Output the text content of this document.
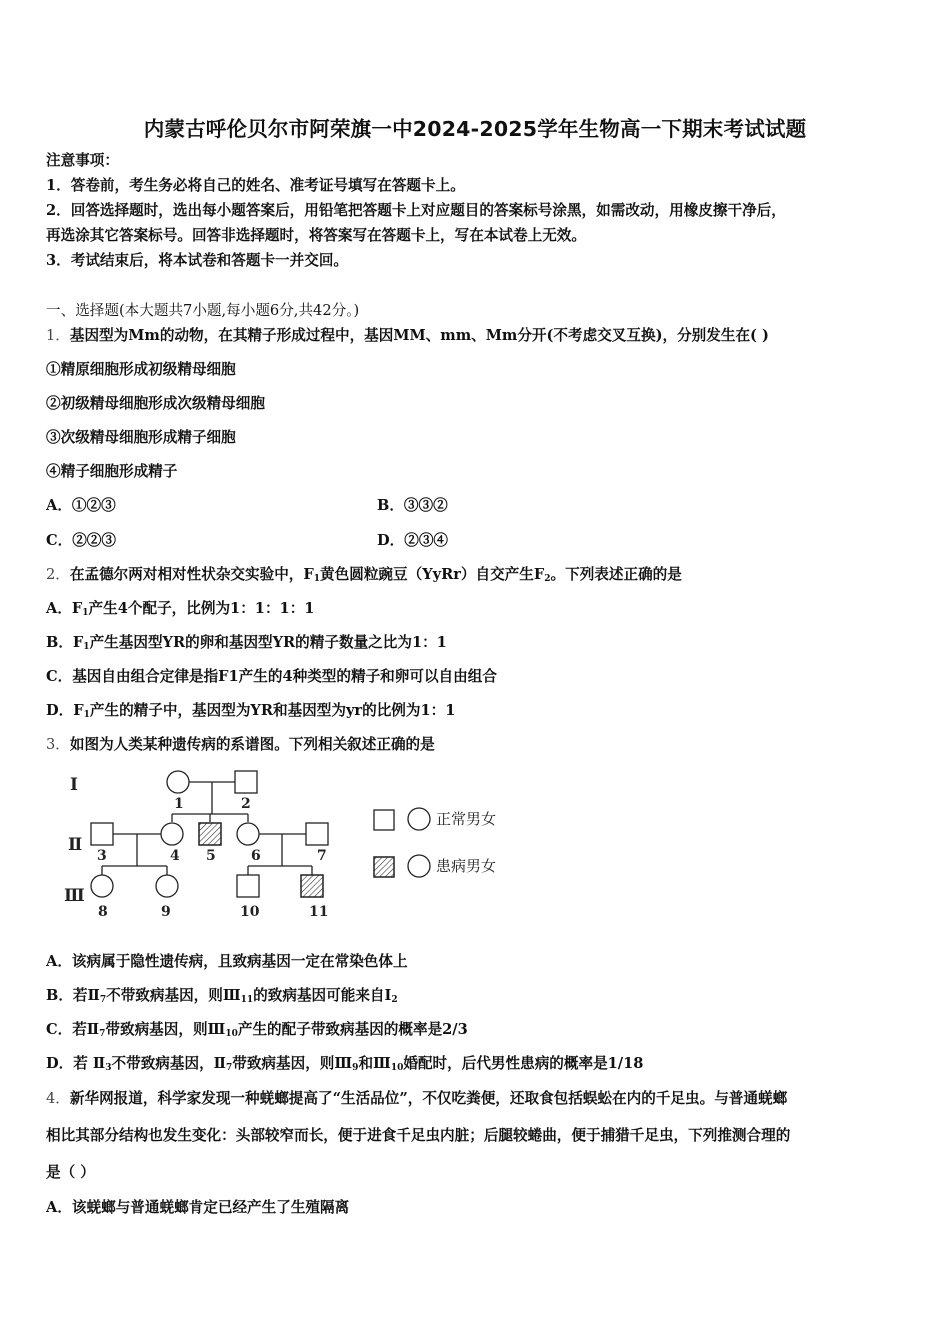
内蒙古呼伦贝尔市阿荣旗一中2024-2025学年生物高一下期末考试试题
注意事项：
1．答卷前，考生务必将自己的姓名、准考证号填写在答题卡上。
2．回答选择题时，选出每小题答案后，用铅笔把答题卡上对应题目的答案标号涂黑，如需改动，用橡皮擦干净后，
再选涂其它答案标号。回答非选择题时，将答案写在答题卡上，写在本试卷上无效。
3．考试结束后，将本试卷和答题卡一并交回。
一、选择题(本大题共7小题,每小题6分,共42分。)
1．基因型为Mm的动物，在其精子形成过程中，基因MM、mm、Mm分开(不考虑交叉互换)，分别发生在( )
①精原细胞形成初级精母细胞
②初级精母细胞形成次级精母细胞
③次级精母细胞形成精子细胞
④精子细胞形成精子
A．①②③	B．③③②
C．②②③	D．②③④
2．在孟德尔两对相对性状杂交实验中，$F_1$黄色圆粒豌豆（YyRr）自交产生$F_2$。下列表述正确的是
A．$F_1$产生4个配子，比例为1：1：1：1
B．$F_1$产生基因型YR的卵和基因型YR的精子数量之比为1：1
C．基因自由组合定律是指F1产生的4种类型的精子和卵可以自由组合
D．$F_1$产生的精子中，基因型为YR和基因型为yr的比例为1：1
3．如图为人类某种遗传病的系谱图。下列相关叙述正确的是
Ⅰ
Ⅱ
Ⅲ
1	2
3	4 5	6	7
8	9	10	11
正常男女
患病男女
A．该病属于隐性遗传病，且致病基因一定在常染色体上
B．若$Ⅱ_7$不带致病基因，则$Ⅲ_{11}$的致病基因可能来自$Ⅰ_2$
C．若$Ⅱ_7$带致病基因，则$Ⅲ_{10}$产生的配子带致病基因的概率是2/3
D．若 $Ⅱ_3$不带致病基因，$Ⅱ_7$带致病基因，则$Ⅲ_9$和$Ⅲ_{10}$婚配时，后代男性患病的概率是1/18
4．新华网报道，科学家发现一种蜣螂提高了“生活品位”，不仅吃粪便，还取食包括蜈蚣在内的千足虫。与普通蜣螂
相比其部分结构也发生变化：头部较窄而长，便于进食千足虫内脏；后腿较蜷曲，便于捕猎千足虫，下列推测合理的
是（ ）
A．该蜣螂与普通蜣螂肯定已经产生了生殖隔离
